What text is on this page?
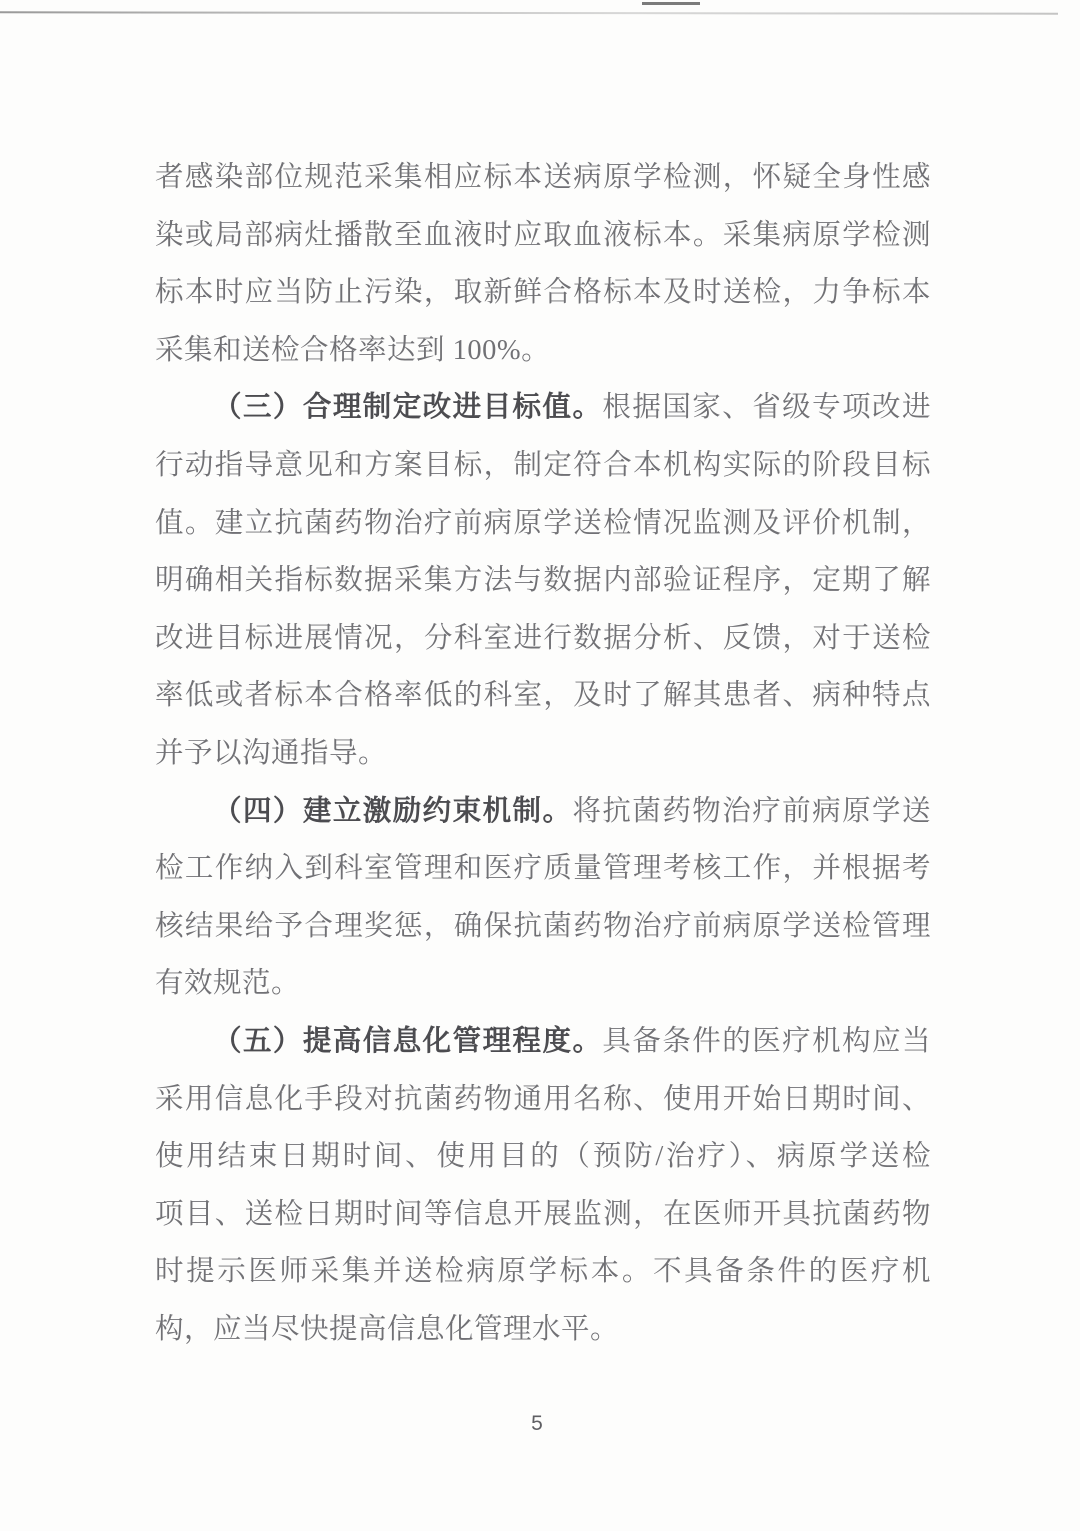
者感染部位规范采集相应标本送病原学检测，怀疑全身性感
染或局部病灶播散至血液时应取血液标本。采集病原学检测
标本时应当防止污染，取新鲜合格标本及时送检，力争标本
采集和送检合格率达到 100%。
（三）合理制定改进目标值。根据国家、省级专项改进
行动指导意见和方案目标，制定符合本机构实际的阶段目标
值。建立抗菌药物治疗前病原学送检情况监测及评价机制，
明确相关指标数据采集方法与数据内部验证程序，定期了解
改进目标进展情况，分科室进行数据分析、反馈，对于送检
率低或者标本合格率低的科室，及时了解其患者、病种特点
并予以沟通指导。
（四）建立激励约束机制。将抗菌药物治疗前病原学送
检工作纳入到科室管理和医疗质量管理考核工作，并根据考
核结果给予合理奖惩，确保抗菌药物治疗前病原学送检管理
有效规范。
（五）提高信息化管理程度。具备条件的医疗机构应当
采用信息化手段对抗菌药物通用名称、使用开始日期时间、
使用结束日期时间、使用目的（预防/治疗）、病原学送检
项目、送检日期时间等信息开展监测，在医师开具抗菌药物
时提示医师采集并送检病原学标本。不具备条件的医疗机
构，应当尽快提高信息化管理水平。
5
